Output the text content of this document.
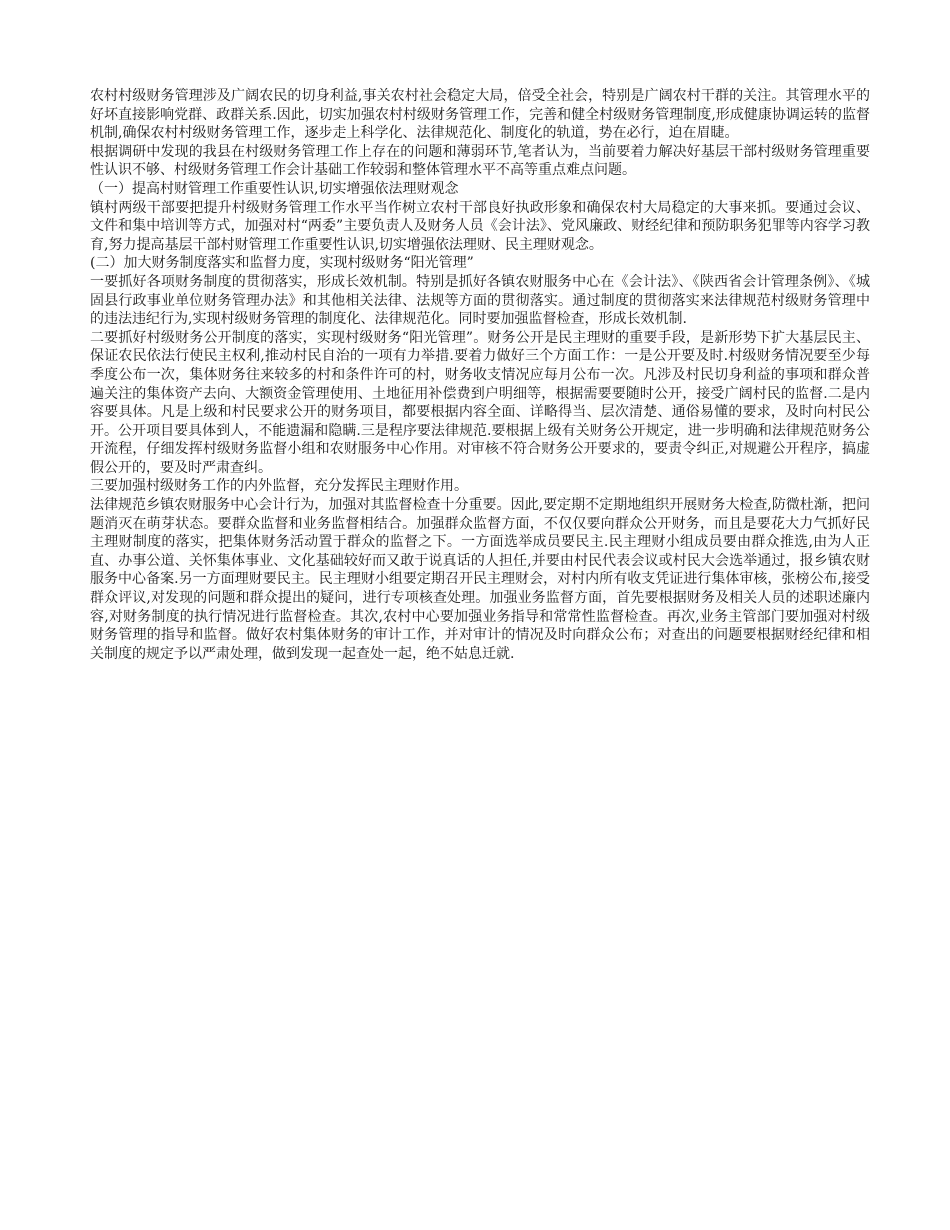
农村村级财务管理涉及广阔农民的切身利益,事关农村社会稳定大局，倍受全社会，特别是广阔农村干群的关注。其管理水平的好坏直接影响党群、政群关系.因此，切实加强农村村级财务管理工作，完善和健全村级财务管理制度,形成健康协调运转的监督机制,确保农村村级财务管理工作，逐步走上科学化、法律规范化、制度化的轨道，势在必行，迫在眉睫。

根据调研中发现的我县在村级财务管理工作上存在的问题和薄弱环节,笔者认为，当前要着力解决好基层干部村级财务管理重要性认识不够、村级财务管理工作会计基础工作较弱和整体管理水平不高等重点难点问题。

（一）提高村财管理工作重要性认识,切实增强依法理财观念

镇村两级干部要把提升村级财务管理工作水平当作树立农村干部良好执政形象和确保农村大局稳定的大事来抓。要通过会议、文件和集中培训等方式，加强对村“两委”主要负责人及财务人员《会计法》、党风廉政、财经纪律和预防职务犯罪等内容学习教育,努力提高基层干部村财管理工作重要性认识,切实增强依法理财、民主理财观念。

(二）加大财务制度落实和监督力度，实现村级财务“阳光管理”

一要抓好各项财务制度的贯彻落实，形成长效机制。特别是抓好各镇农财服务中心在《会计法》、《陕西省会计管理条例》、《城固县行政事业单位财务管理办法》和其他相关法律、法规等方面的贯彻落实。通过制度的贯彻落实来法律规范村级财务管理中的违法违纪行为,实现村级财务管理的制度化、法律规范化。同时要加强监督检查，形成长效机制.

二要抓好村级财务公开制度的落实，实现村级财务“阳光管理”。财务公开是民主理财的重要手段，是新形势下扩大基层民主、保证农民依法行使民主权利,推动村民自治的一项有力举措.要着力做好三个方面工作：一是公开要及时.村级财务情况要至少每季度公布一次，集体财务往来较多的村和条件许可的村，财务收支情况应每月公布一次。凡涉及村民切身利益的事项和群众普遍关注的集体资产去向、大额资金管理使用、土地征用补偿费到户明细等，根据需要要随时公开，接受广阔村民的监督.二是内容要具体。凡是上级和村民要求公开的财务项目，都要根据内容全面、详略得当、层次清楚、通俗易懂的要求，及时向村民公开。公开项目要具体到人，不能遗漏和隐瞒.三是程序要法律规范.要根据上级有关财务公开规定，进一步明确和法律规范财务公开流程，仔细发挥村级财务监督小组和农财服务中心作用。对审核不符合财务公开要求的，要责令纠正,对规避公开程序，搞虚假公开的，要及时严肃查纠。

三要加强村级财务工作的内外监督，充分发挥民主理财作用。

法律规范乡镇农财服务中心会计行为，加强对其监督检查十分重要。因此,要定期不定期地组织开展财务大检查,防微杜渐，把问题消灭在萌芽状态。要群众监督和业务监督相结合。加强群众监督方面，不仅仅要向群众公开财务，而且是要花大力气抓好民主理财制度的落实，把集体财务活动置于群众的监督之下。一方面选举成员要民主.民主理财小组成员要由群众推选,由为人正直、办事公道、关怀集体事业、文化基础较好而又敢于说真话的人担任,并要由村民代表会议或村民大会选举通过，报乡镇农财服务中心备案.另一方面理财要民主。民主理财小组要定期召开民主理财会，对村内所有收支凭证进行集体审核，张榜公布,接受群众评议,对发现的问题和群众提出的疑问，进行专项核查处理。加强业务监督方面，首先要根据财务及相关人员的述职述廉内容,对财务制度的执行情况进行监督检查。其次,农村中心要加强业务指导和常常性监督检查。再次,业务主管部门要加强对村级财务管理的指导和监督。做好农村集体财务的审计工作，并对审计的情况及时向群众公布；对查出的问题要根据财经纪律和相关制度的规定予以严肃处理，做到发现一起查处一起，绝不姑息迁就.
